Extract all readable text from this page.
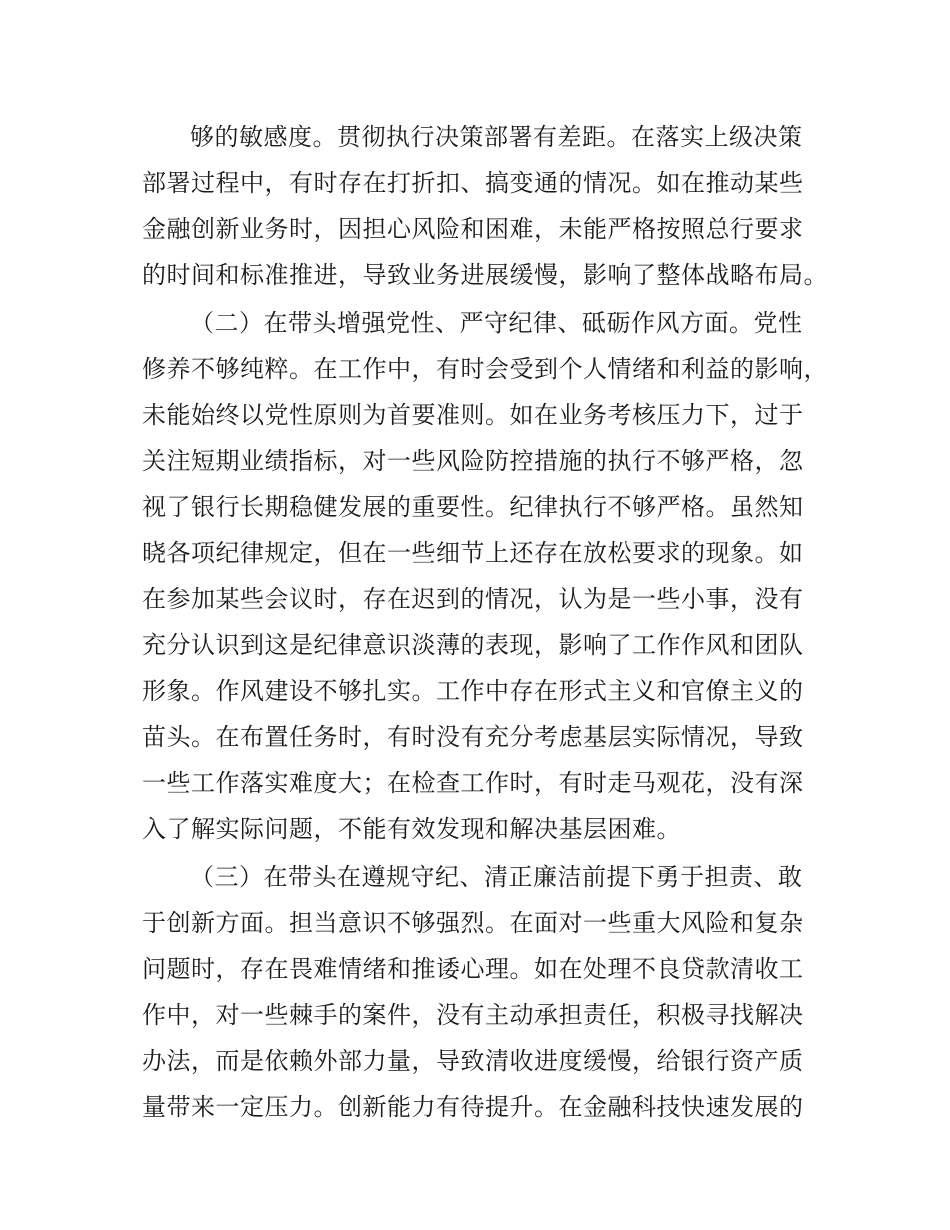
够的敏感度。贯彻执行决策部署有差距。在落实上级决策
部署过程中，有时存在打折扣、搞变通的情况。如在推动某些
金融创新业务时，因担心风险和困难，未能严格按照总行要求
的时间和标准推进，导致业务进展缓慢，影响了整体战略布局。
（二）在带头增强党性、严守纪律、砥砺作风方面。党性
修养不够纯粹。在工作中，有时会受到个人情绪和利益的影响，
未能始终以党性原则为首要准则。如在业务考核压力下，过于
关注短期业绩指标，对一些风险防控措施的执行不够严格，忽
视了银行长期稳健发展的重要性。纪律执行不够严格。虽然知
晓各项纪律规定，但在一些细节上还存在放松要求的现象。如
在参加某些会议时，存在迟到的情况，认为是一些小事，没有
充分认识到这是纪律意识淡薄的表现，影响了工作作风和团队
形象。作风建设不够扎实。工作中存在形式主义和官僚主义的
苗头。在布置任务时，有时没有充分考虑基层实际情况，导致
一些工作落实难度大；在检查工作时，有时走马观花，没有深
入了解实际问题，不能有效发现和解决基层困难。
（三）在带头在遵规守纪、清正廉洁前提下勇于担责、敢
于创新方面。担当意识不够强烈。在面对一些重大风险和复杂
问题时，存在畏难情绪和推诿心理。如在处理不良贷款清收工
作中，对一些棘手的案件，没有主动承担责任，积极寻找解决
办法，而是依赖外部力量，导致清收进度缓慢，给银行资产质
量带来一定压力。创新能力有待提升。在金融科技快速发展的
